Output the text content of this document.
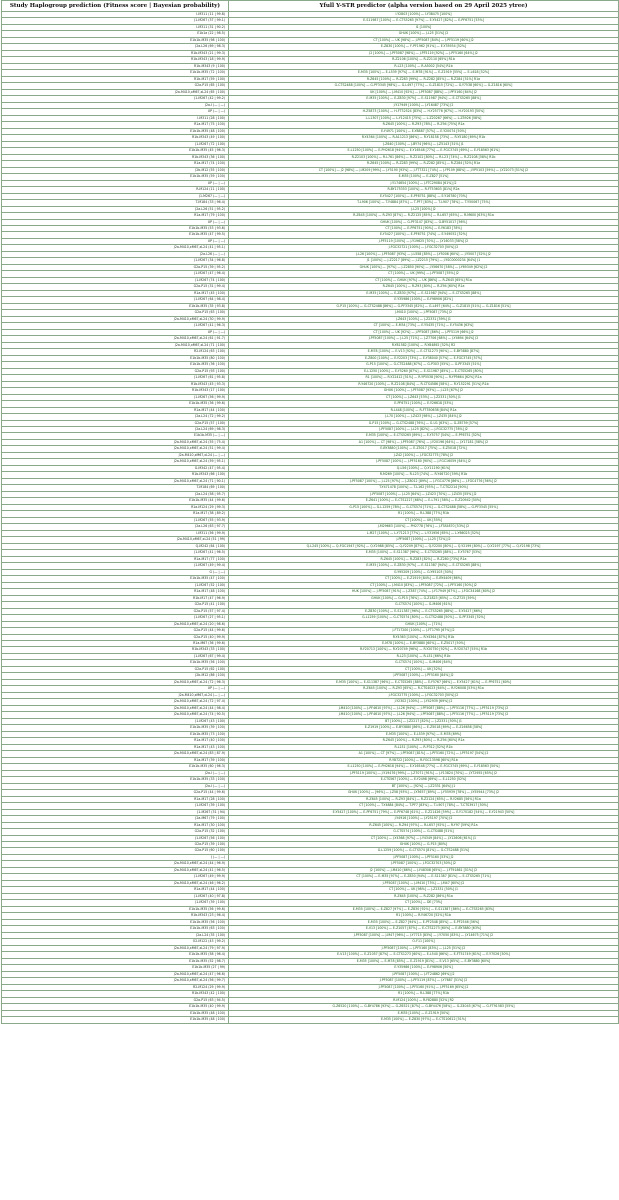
Study Haplogroup prediction (Fitness score | Bayesian probability)	Yfull Y-STR predictor (alpha version based on 29 April 2025 ytree)
I-M311 (11 | 99.8)	I-Y2803 [100%] — I-Y38475 [100%]
J1-M267 (37 | 99.1)	E-S11987 [100%] — E-CTS5265 [97%] — E-Y5427 [82%] — E-PF6751 [53%]
I-M311 (31 | 90.2)	I1 [100%]
E1b1a (22 | 98.5)	GHUK [100%] — J-L25 [51%] J2
E1b1b-M35 (98 | 100)	CT [100%] — UK [98%] — J-PF5087 [84%] — J-PF5119 [60%] J2
J2a-L26 (69 | 98.3)	E-Z830 [100%] — F-PF1962 [91%] — E-Y35934 [52%]
R1b-M343 (21 | 99.3)	J2 [100%] — J-PF5087 [98%] — J-PF5119 [92%] — J-PF5160 [64%] J2
R1b-M343 (18 | 99.9)	R-Z2106 [100%] — R-Z2110 [65%] R1b
R1b-M343 (9 | 100)	R-L23 [100%] — R-A5002 [54%] R1b
E1b1b-M35 (72 | 100)	E-M35 [100%] — E-L539 [97%] — E-M78 [91%] — E-Z1919 [55%] — E-L618 [52%]
R1b-M17 (59 | 100)	R-Z645 [100%] — R-Z283 [99%] — R-Z282 [85%] — R-Z284 [51%] R1a
G2a-P15 (65 | 100)	G-CTS2488 [100%] — G-PF3345 [98%] — G-L497 [77%] — G-Z1815 [72%] — G-Y7538 [60%] — G-Z1816 [60%]
J2a-M410,xM67,xL24 (65 | 100)	UK [100%] — J-M410 [92%] — J-PF5087 [88%] — J-PF5160 [64%] J2
J1-M267 (42 | 99.2)	E-M35 [100%] — E-Z830 [97%] — E-S11987 [94%] — E-CTS5265 [88%]
J2a-I (— | —)	J-Y17949 [100%] — J-Y16487 [73%] J2
UP (— | —)	H-Z5873 [100%] — H-FT32524 [83%] — H-Y25776 [67%] — H-Y20193 [50%]
I-M311 (28 | 100)	L-L1307 [100%] — L-Y12415 [75%] — L-Z20267 [66%] — L-Z5926 [58%]
R1a-M17 (75 | 100)	R-Z645 [100%] — R-Z93 [78%] — R-Z94 [75%] R1a
E1b1b-M35 (48 | 100)	E-Y4971 [100%] — E-Y8887 [57%] — E-Y20074 [50%]
R1b-M343 (49 | 100)	R-Y4364 [100%] — R-A11213 [86%] — R-Y18158 [73%] — R-Y5180 [69%] R1b
J1-M267 (72 | 100)	J-Z640 [100%] — J-BY74 [96%] — J-Z5143 [51%] J1
E1b1b-M35 (45 | 96.3)	E-L1250 [100%] — E-PH2618 [94%] — E-Y16548 [77%] — E-FGC3745 [69%] — E-Y18563 [61%]
R1b-M343 (36 | 100)	R-Z2103 [100%] — R-L761 [86%] — R-Z2102 [80%] — R-L23 [74%] — R-Z2108 [58%] R1b
R1a-M17 (74 | 100)	R-Z645 [100%] — R-Z283 [99%] — R-Z282 [85%] — R-Z284 [52%] R1a
J2b-M12 (55 | 100)	CT [100%] — J2 [98%] — J-M209 [99%] — J-Y5190 [93%] — J-FT7321 [74%] — J-YP109 [68%] — J-YP5103 [59%] — J-Y22073 [51%] J2
E1b1b-M35 (59 | 100)	E-M35 [100%] — E-Z827 [51%]
UP (— | —)	J-Y174654 [100%] — J-FTC29084 [61%] J2
R-M124 (11 | 100)	R-BY175353 [100%] — R-FT53603 [81%] R2a
J1-M267 (— | —)	E-Y5427 [100%] — E-PF6751 [88%] — E-Y16780 [70%]
T-M184 (33 | 96.4)	T-L906 [100%] — T-Y4884 [87%] — T-PF7 [83%] — T-L907 [78%] — T-Y50067 [75%]
J2a-L26 (51 | 95.2)	J-L25 [100%] J2
R1a-M17 (79 | 100)	R-Z645 [100%] — R-Z93 [87%] — R-Z2125 [85%] — R-L657 [65%] — R-M600 [63%] R1a
UP (— | —)	GHUK [100%] — G-PF3147 [83%] — G-BY51017 [56%]
E1b1b-M35 (53 | 93.6)	CT [100%] — E-PF6751 [90%] — E-Y6183 [78%]
E1b1b-M35 (47 | 99.5)	E-Y5427 [100%] — E-PF6751 [74%] — E-Y49052 [52%]
UP (— | —)	J-PF5119 [100%] — J-Y19625 [70%] — J-Y16033 [58%] J2
J2a-M410,xM67,xL24 (41 | 95.1)	J-FGC32721 [100%] — J-FGC32703 [50%] J2
J2a-L26 (— | —)	J-L26 [100%] — J-PF5087 [93%] — J-L558 [85%] — J-Y5006 [60%] — J-Y5007 [52%] J2
J1-M267 (34 | 96.8)	J1 [100%] — J-Z2217 [89%] — J-Z2215 [79%] — J-YSC0000234 [64%] J1
G2a-P15 (39 | 95.2)	GHUK [100%] — [97%] — J-Z2850 [90%] — J-Y56670 [58%] — J-Y69349 [62%] J2
J1-M267 (47 | 96.4)	CT [100%] — UK [99%] — J-PF5087 [55%] J2
J1-M267 (74 | 100)	CT [100%] — GHUK [97%] — UK [86%] — R-Z645 [65%] R1a
G2a-P15 (31 | 99.4)	R-Z645 [100%] — R-Z93 [80%] — R-Z94 [60%] R1a
R1a-M17 (45 | 100)	E-M35 [100%] — E-Z830 [97%] — E-S11987 [94%] — E-CTS5265 [88%]
J1-M267 (64 | 98.4)	E-Y35986 [100%] — E-Y98906 [82%]
E1b1b-M35 (35 | 93.8)	G-P15 [100%] — G-CTS2488 [86%] — G-PF3345 [82%] — G-L497 [64%] — G-Z1815 [51%] — G-Z1816 [51%]
G2a-P15 (63 | 100)	J-M410 [100%] — J-PF5087 [73%] J2
J2a-M410,xM67,xL24 (30 | 99.9)	J-Z643 [100%] — J-Z2331 [59%] J1
J1-M267 (41 | 96.3)	CT [100%] — E-M34 [73%] — E-Y5435 [71%] — E-Y5436 [63%]
UP (— | —)	CT [100%] — UK [92%] — J-PF5087 [86%] — J-PF5119 [66%] J2
J2a-M410,xM67,xL24 (61 | 91.7)	J-PF5087 [100%] — J-L25 [71%] — J-Z7706 [68%] — J-Y4694 [64%] J2
J2a-M410,xM67,xL24 (71 | 100)	R-Y81582 [100%] — R-Y84892 [52%] R2
R2-M124 (63 | 100)	E-M78 [100%] — E-V13 [92%] — E-CTS1273 [90%] — E-BY3880 [87%]
E1b1b-M35 (80 | 100)	E-Z800 [100%] — E-Y2203 [73%] — E-Y38040 [57%] — E-FGC3745 [57%]
E1b1b-M35 (36 | 100)	G-P15 [100%] — G-CTS2488 [67%] — G-P303 [55%] — G-PF3345 [51%]
G2a-P15 (93 | 100)	E-L1250 [100%] — E-Y5260 [87%] — E-S11987 [85%] — E-CTS5265 [80%]
J1-M267 (61 | 95.8)	R1 [100%] — R-Y22412 [51%] — R-YP5538 [90%] — R-YP5664 [62%] R1a
R1b-M343 (45 | 93.3)	R-Y46720 [100%] — R-Z2108 [84%] — R-CTS4586 [58%] — R-Y152291 [51%] R1b
R1b-M343 (17 | 100)	GHUK [100%] — J-PF5087 [93%] — J-L25 [67%] J2
J1-M267 (56 | 99.9)	CT [100%] — J-Z643 [53%] — J-Z2331 [50%] J1
E1b1b-M35 (36 | 99.6)	E-PF6751 [100%] — E-Y26618 [53%]
R1a-M17 (44 | 100)	R-L448 [100%] — R-FT350638 [84%] R1a
J2a-L24 (72 | 99.2)	J-L70 [100%] — J-Z423 [98%] — J-Z435 [84%] J2
G2a-P15 (57 | 100)	G-P15 [100%] — G-CTS2488 [76%] — G-U1 [63%] — G-Z6759 [57%]
J2a-L24 (69 | 98.3)	J-PF5087 [100%] — J-L25 [82%] — J-FGC32775 [78%] J2
E1b1b-M35 (— | —)	E-M35 [100%] — E-CTS5265 [89%] — E-Y5757 [54%] — E-PF6751 [52%]
J2a-M410,xM67,xL24 (55 | 75.4)	A1 [100%] — CT [98%] — J-PF5087 [76%] — J-Y20196 [64%] — J-Y17181 [58%] J2
J2a-M410,xM67,xL24 (51 | 99.4)	E-BY3880 [100%] — E-Z5017 [75%] — E-Z5018 [72%]
J2a-M410,xM67,xL24 (— | —)	J-Z42 [100%] — J-FGC32775 [78%] J2
J2a-M410,xM67,xL24 (59 | 95.1)	J-PF5087 [100%] — J-PF5160 [90%] — J-FGC16059 [64%] J2
G-M342 (47 | 95.4)	Q-L56 [100%] — Q-Y11190 [61%]
R1b-M343 (66 | 100)	R-M269 [100%] — R-L23 [74%] — R-Y46720 [59%] R1b
J2a-M410,xM67,xL24 (71 | 90.1)	J-PF5087 [100%] — J-L25 [97%] — J-Z8012 [89%] — J-FGC4776 [86%] — J-FGC4776 [56%] J2
T-M184 (69 | 100)	T-Y471478 [100%] — T-L162 [93%] — T-CTS2214 [90%]
J2a-L24 (58 | 95.7)	J-PF5087 [100%] — J-L25 [64%] — J-Z423 [70%] — J-Z435 [55%] J2
E1b1b-M35 (44 | 99.6)	E-Z641 [100%] — E-CTS1227 [68%] — E-L791 [58%] — E-Z20942 [50%]
R1a-M124 (29 | 99.3)	G-P15 [100%] — G-L1259 [78%] — G-CTS574 [71%] — G-CTS2488 [58%] — G-PF3345 [55%]
R1a-M17 (38 | 89.2)	R1 [100%] — R-L388 [77%] R1b
J1-M267 (55 | 93.9)	CT [100%] — UK [55%]
J2a-L26 (63 | 97.7)	J-M29663 [100%] — PH2778 [76%] — J-FTA5870 [53%] J2
I-M311 (56 | 99.9)	L-M27 [100%] — L-Y71213 [77%] — L-Y31956 [65%] — L-Y66025 [52%]
J2a-M410,xM67,xL24 (51 | 99)	J-PF5087 [100%] — J-L25 [72%] J2
Q-M242 (64 | 100)	Q-L245 [100%] — Q-FGC1947 [92%] — Q-Y2988 [85%] — Q-Y2209 [87%] — Q-Y2200 [80%] — Q-Y2199 [80%] — Q-Y2197 [77%] — Q-Y2198 [73%]
J1-M267 (41 | 96.5)	E-M35 [100%] — E-S11387 [96%] — E-CTS5265 [88%] — E-Y5767 [53%]
R1a-M17 (77 | 100)	R-Z645 [100%] — R-Z283 [82%] — R-Z280 [73%] R1a
J1-M267 (49 | 99.4)	E-M35 [100%] — E-Z830 [97%] — E-S11387 [94%] — E-CTS5265 [88%]
G (— | —)	G-Y95209 [100%] — G-Y95103 [50%]
E1b1b-M35 (47 | 100)	CT [100%] — E-Z1919 [84%] — E-BY4409 [66%]
J1-M267 (52 | 100)	CT [100%] — J-M410 [83%] — J-PF5087 [72%] — J-PF5160 [50%] J2
R1a-M17 (48 | 100)	HUK [100%] — J-PF5087 [91%] — J-Z387 [74%] — J-Y17949 [67%] — J-FGC34168 [60%] J2
R1b-M17 (47 | 96.9)	GHUK [100%] — G-P15 [76%] — G-Z1823 [65%] — G-Z725 [59%]
G2a-P15 (41 | 100)	G-CTS574 [100%] — G-M406 [61%]
G2a-P15 (57 | 97.4)	E-Z830 [100%] — E-S11387 [96%] — E-CTS5265 [88%] — E-Y5427 [66%]
J1-M267 (27 | 95.1)	G-L1259 [100%] — G-CTS574 [80%] — G-CTS2488 [50%] — G-PF3345 [52%]
J2a-M410,xM67,xL24 (20 | 98.6)	GHUK [100%] — [71%]
G2a-P15 (44 | 99.6)	J-FT17200 [100%] — J-FT1795 [67%] J2
G2a-P15 (40 | 99.9)	R-Y4363 [100%] — R-Y4364 [87%] R1b
R1a-M67 (36 | 99.6)	E-M78 [100%] — E-BY3880 [60%] — E-Z5017 [50%]
R1b-M343 (33 | 100)	R-Y20713 [100%] — R-Y20749 [96%] — R-Y20750 [92%] — R-Y20747 [55%] R1b
J1-M267 (67 | 99.4)	R-L23 [100%] — R-L51 [66%] R1b
E1b1b-M35 (56 | 100)	G-CTS574 [100%] — G-M406 [64%]
G2a-P15 (62 | 100)	CT [100%] — UK [52%]
J2b-M12 (86 | 100)	J-PF5087 [100%] — J-PF5160 [84%] J2
J2a-M410,xM67,xL24 (72 | 96.3)	E-M35 [100%] — E-S11387 [96%] — E-CTS5265 [88%] — E-Y5767 [66%] — E-Y5427 [61%] — E-PF6751 [60%]
UP (— | —)	R-Z645 [100%] — R-Z93 [65%] — R-CTS4023 [64%] — R-Y26008 [53%] R1a
J2a-M410,xM67,xL24 (— | —)	J-FGC32775 [100%] — J-FGC32703 [50%] J2
J2a-M410,xM67,xL24 (72 | 97.4)	J-Y2302 [100%] — J-Y42939 [69%] J2
J2a-M410,xM67,xL24 (44 | 98.4)	J-M410 [100%] — J-PF4610 [97%] — J-L26 [94%] — J-PF5087 [88%] — J-PF5116 [77%] — J-PF5119 [73%] J2
J2a-M410,xM67,xL24 (74 | 90.5)	J-M410 [100%] — J-PF4610 [97%] — J-L26 [94%] — J-PF5087 [88%] — J-PF5116 [77%] — J-PF5119 [73%] J2
J1-M267 (43 | 100)	BT [100%] — J-Z2217 [82%] — J-Z2331 [50%] J1
E1b1b-M35 (39 | 100)	E-Z1919 [100%] — E-BY3880 [86%] — E-Z5018 [69%] — E-Z16658 [58%]
E1b1b-M35 (73 | 100)	E-M35 [100%] — E-L539 [97%] — E-M78 [69%]
R1a-M17 (40 | 100)	R-Z645 [100%] — R-Z93 [80%] — R-Z94 [60%] R1a
R1a-M17 (43 | 100)	R-L151 [100%] — R-P312 [52%] R1b
J2a-M410,xM67,xL24 (83 | 87.9)	A1 [100%] — CT [97%] — J-PF5087 [81%] — J-PF5160 [72%] — J-PF5197 [54%] J2
R1a-M17 (39 | 100)	R-Y8722 [100%] — R-FGC13598 [60%] R1b
E1b1b-M35 (60 | 96.3)	E-L1250 [100%] — E-PH2618 [94%] — E-Y16548 [77%] — E-FGC3745 [69%] — E-Y18563 [50%]
J2a-I (— | —)	J-PF5119 [100%] — J-Y19476 [99%] — J-Z7071 [91%] — J-Y13824 [70%] — J-Y72955 [65%] J2
E1b1b-M35 (33 | 100)	E-CTS567 [100%] — E-Y2498 [69%] — E-L1250 [52%]
J2a-I (— | —)	BT [100%] — [92%] — J-Z2331 [64%] J1
G2a-P15 (44 | 99.6)	GHUK [100%] — [96%] — J-Z58 [93%] — J-Y3657 [89%] — J-Y55939 [78%] — J-Y55944 [73%] J2
R1a-M17 (28 | 100)	R-Z645 [100%] — R-Z93 [84%] — R-Z2124 [65%] — R-Y2685 [56%] R1a
J1-M267 (39 | 100)	CT [100%] — T-Y4884 [84%] — T-PF7 [83%] — T-L907 [78%] — T-CTS3917 [50%]
J1-M267 (31 | 94)	E-Y5427 [100%] — E-PF6751 [79%] — E-PF6748 [61%] — E-Z21426 [59%] — E-Y170182 [54%] — E-Y21943 [50%]
J2a-M67 (79 | 100)	J-Y4916 [100%] — J-Y25197 [70%] J2
R1a-M17 (30 | 100)	R-Z645 [100%] — R-Z94 [97%] — R-L657 [92%] — R-Y97 [59%] R1a
G2a-P15 (32 | 100)	G-CTS574 [100%] — G-CTS488 [51%]
J1-M267 (56 | 100)	CT [100%] — J-Y4368 [97%] — J-Y4349 [84%] — J-Y12606 [61%] J1
G2a-P15 (39 | 100)	GHUK [100%] — G-P15 [80%]
G2a-P15 (60 | 100)	G-L1259 [100%] — G-CTS574 [81%] — G-CTS2488 [51%]
J (— | —)	J-PF5087 [100%] — J-PF5160 [53%] J2
J2a-M410,xM67,xL24 (44 | 96.9)	J-PF5087 [100%] — J-FGC32703 [50%] J2
J2a-M410,xM67,xL24 (41 | 96.5)	J2 [100%] — J-M410 [86%] — J-Y48308 [65%] — J-FT91861 [51%] J2
J1-M267 (49 | 99.9)	CT [100%] — E-M35 [97%] — E-Z830 [94%] — E-S11387 [81%] — E-CTS5265 [71%]
J2a-M410,xM67,xL24 (46 | 96.2)	J-PF5087 [100%] — J-M410 [73%] — J-M47 [60%] J2
R1a-M17 (44 | 100)	CT [100%] — UK [98%] — J-Z2331 [50%] J1
J1-M267 (40 | 97.8)	R-Z645 [100%] — R-Z282 [86%] R1a
J1-M267 (39 | 100)	CT [100%] — DE [73%]
E1b1b-M35 (56 | 99.6)	E-M35 [100%] — E-Z827 [97%] — E-Z830 [92%] — E-S11387 [86%] — E-CTS5265 [83%]
R1b-M343 (23 | 96.4)	R1 [100%] — R-Y46720 [52%] R1b
E1b1b-M35 (56 | 100)	E-M35 [100%] — E-Z827 [94%] — E-PF2548 [85%] — E-PF2546 [56%]
E1b1b-M35 (63 | 100)	E-V13 [100%] — E-Z1057 [87%] — E-CTS1273 [60%] — E-BY3880 [63%]
J2a-L24 (35 | 100)	J-PF5087 [100%] — J-M47 [96%] — J-Y7715 [83%] — J-Y7050 [83%] — J-Y14675 [71%] J2
O2-M122 (43 | 99.2)	O-F11 [100%]
J2a-M410,xM67,xL24 (79 | 97.9)	J-PF5087 [100%] — J-PF5160 [83%] — J-L25 [51%] J2
E1b1b-M35 (58 | 96.4)	E-V13 [100%] — E-Z1057 [87%] — E-CTS1273 [60%] — E-L540 [66%] — E-FT51749 [61%] — E-Y7026 [50%]
E1b1b-M35 (52 | 98.7)	E-M35 [100%] — E-M78 [85%] — E-Z1919 [81%] — E-V13 [65%] — E-BY3880 [60%]
E1b1b-M35 (27 | 99)	E-Y35986 [100%] — E-Y98906 [50%]
J2a-M410,xM67,xL24 (47 | 96.6)	J-PF5087 [100%] — J-FT24862 [69%] J2
J2a-M410,xM67,xL24 (56 | 99.7)	J-PF5087 [100%] — J-PF5119 [87%] — J-Y7687 [51%] J2
R2-M124 (29 | 99.9)	J-PF5087 [100%] — J-PF5160 [91%] — J-PF5169 [65%] J2
R1b-M343 (42 | 100)	R1 [100%] — R-L388 [77%] R1b
G2a-P15 (63 | 94.5)	R-M124 [100%] — R-Y82880 [52%] R2
E1b1b-M35 (40 | 99.9)	G-Z6520 [100%] — G-BY4786 [93%] — G-Z6521 [87%] — G-BY4476 [58%] — G-Z4045 [67%] — G-FT91583 [55%]
E1b1b-M35 (48 | 100)	E-M35 [100%] — E-Z1919 [50%]
E1b1b-M35 (48 | 100)	E-M35 [100%] — E-Z830 [97%] — E-CTS10612 [51%]
